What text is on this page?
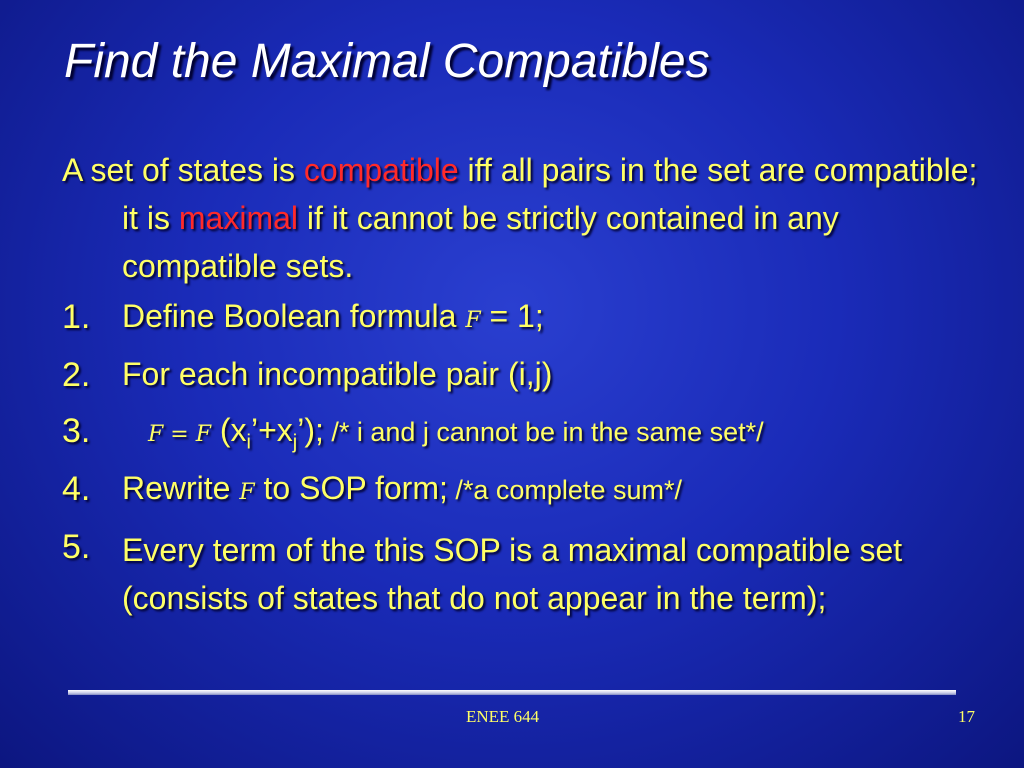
Find the Maximal Compatibles
A set of states is compatible iff all pairs in the set are compatible; it is maximal if it cannot be strictly contained in any compatible sets.
1. Define Boolean formula F = 1;
2. For each incompatible pair (i,j)
3.	F = F $(x_i’+x_j’)$; /* i and j cannot be in the same set*/
4. Rewrite F to SOP form; /*a complete sum*/
5. Every term of the this SOP is a maximal compatible set (consists of states that do not appear in the term);
ENEE 644	17
